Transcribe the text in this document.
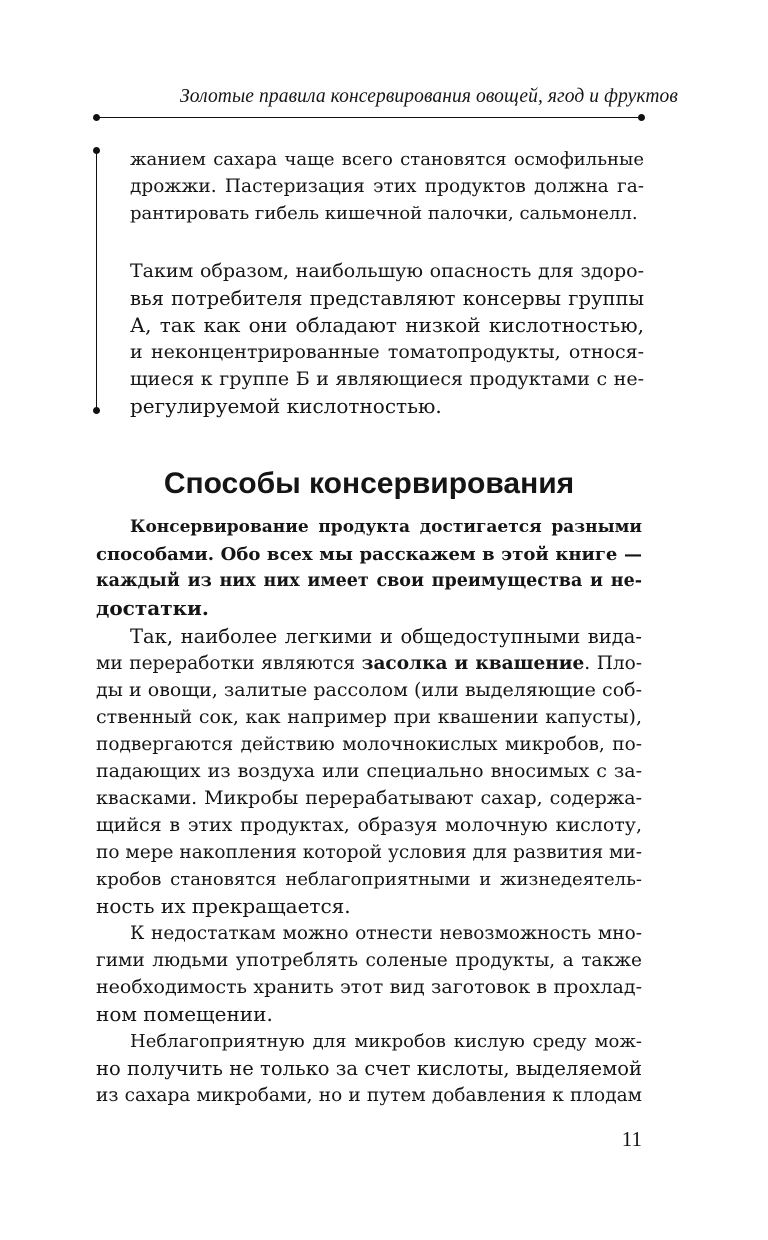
Золотые правила консервирования овощей, ягод и фруктов
жанием сахара чаще всего становятся осмофильные
дрожжи. Пастеризация этих продуктов должна га-
рантировать гибель кишечной палочки, сальмонелл.
Таким образом, наибольшую опасность для здоро-
вья потребителя представляют консервы группы
А, так как они обладают низкой кислотностью,
и неконцентрированные томатопродукты, относя-
щиеся к группе Б и являющиеся продуктами с не-
регулируемой кислотностью.
Способы консервирования
Консервирование продукта достигается разными
способами. Обо всех мы расскажем в этой книге —
каждый из них них имеет свои преимущества и не-
достатки.
Так, наиболее легкими и общедоступными вида-
ми переработки являются засолка и квашение. Пло-
ды и овощи, залитые рассолом (или выделяющие соб-
ственный сок, как например при квашении капусты),
подвергаются действию молочнокислых микробов, по-
падающих из воздуха или специально вносимых с за-
квасками. Микробы перерабатывают сахар, содержа-
щийся в этих продуктах, образуя молочную кислоту,
по мере накопления которой условия для развития ми-
кробов становятся неблагоприятными и жизнедеятель-
ность их прекращается.
К недостаткам можно отнести невозможность мно-
гими людьми употреблять соленые продукты, а также
необходимость хранить этот вид заготовок в прохлад-
ном помещении.
Неблагоприятную для микробов кислую среду мож-
но получить не только за счет кислоты, выделяемой
из сахара микробами, но и путем добавления к плодам
11
